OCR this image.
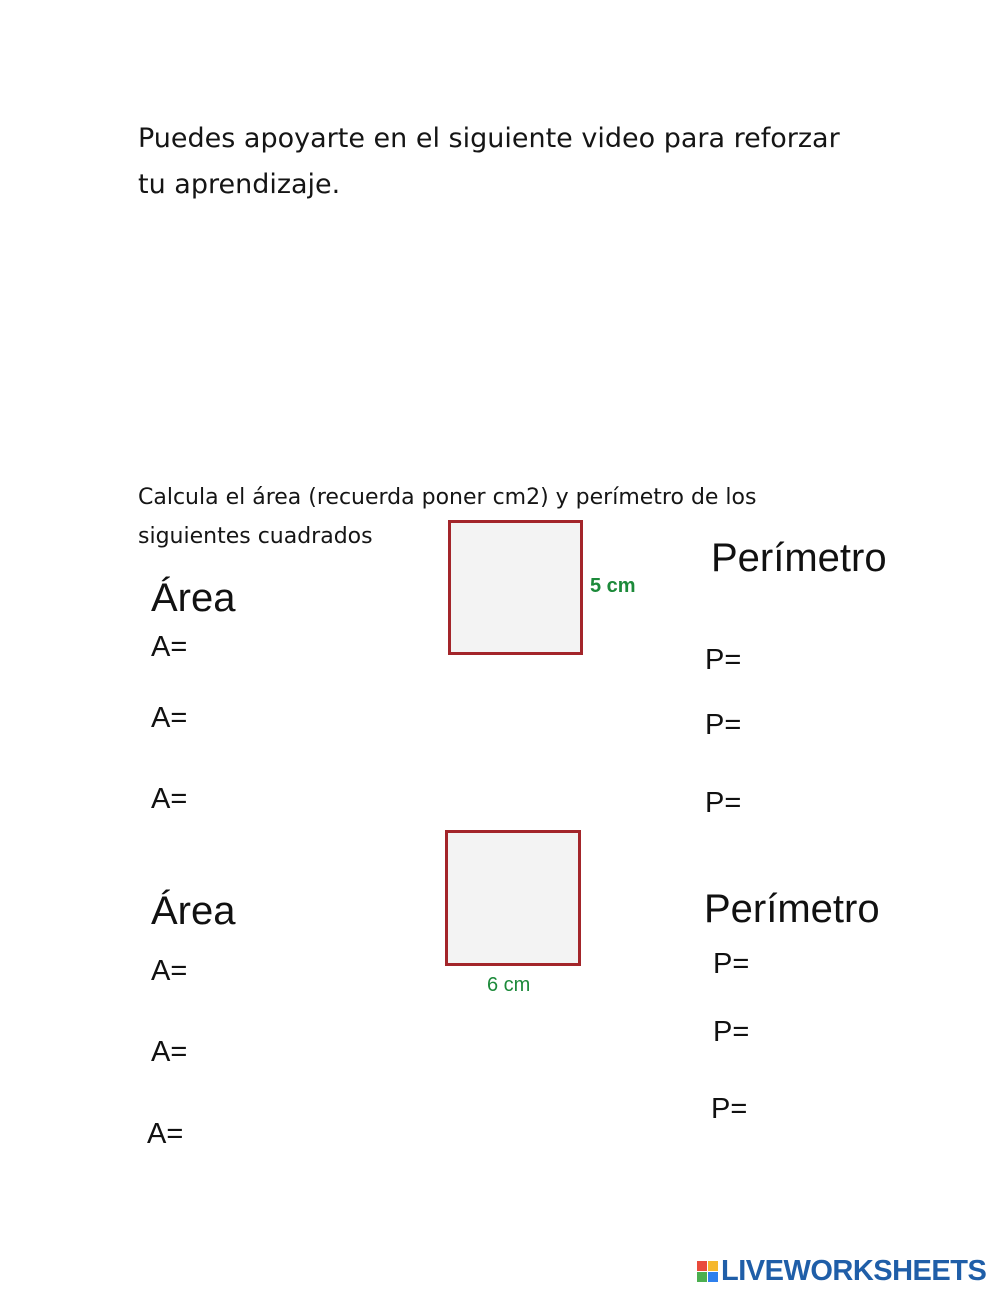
Puedes apoyarte en el siguiente video para reforzar
tu aprendizaje.
Calcula el área (recuerda poner cm2) y perímetro de los
siguientes cuadrados
Área
Perímetro
5 cm
A=
A=
A=
P=
P=
P=
Área	Perímetro
6 cm
A=
A=
A=
P=
P=
P=
LIVEWORKSHEETS
